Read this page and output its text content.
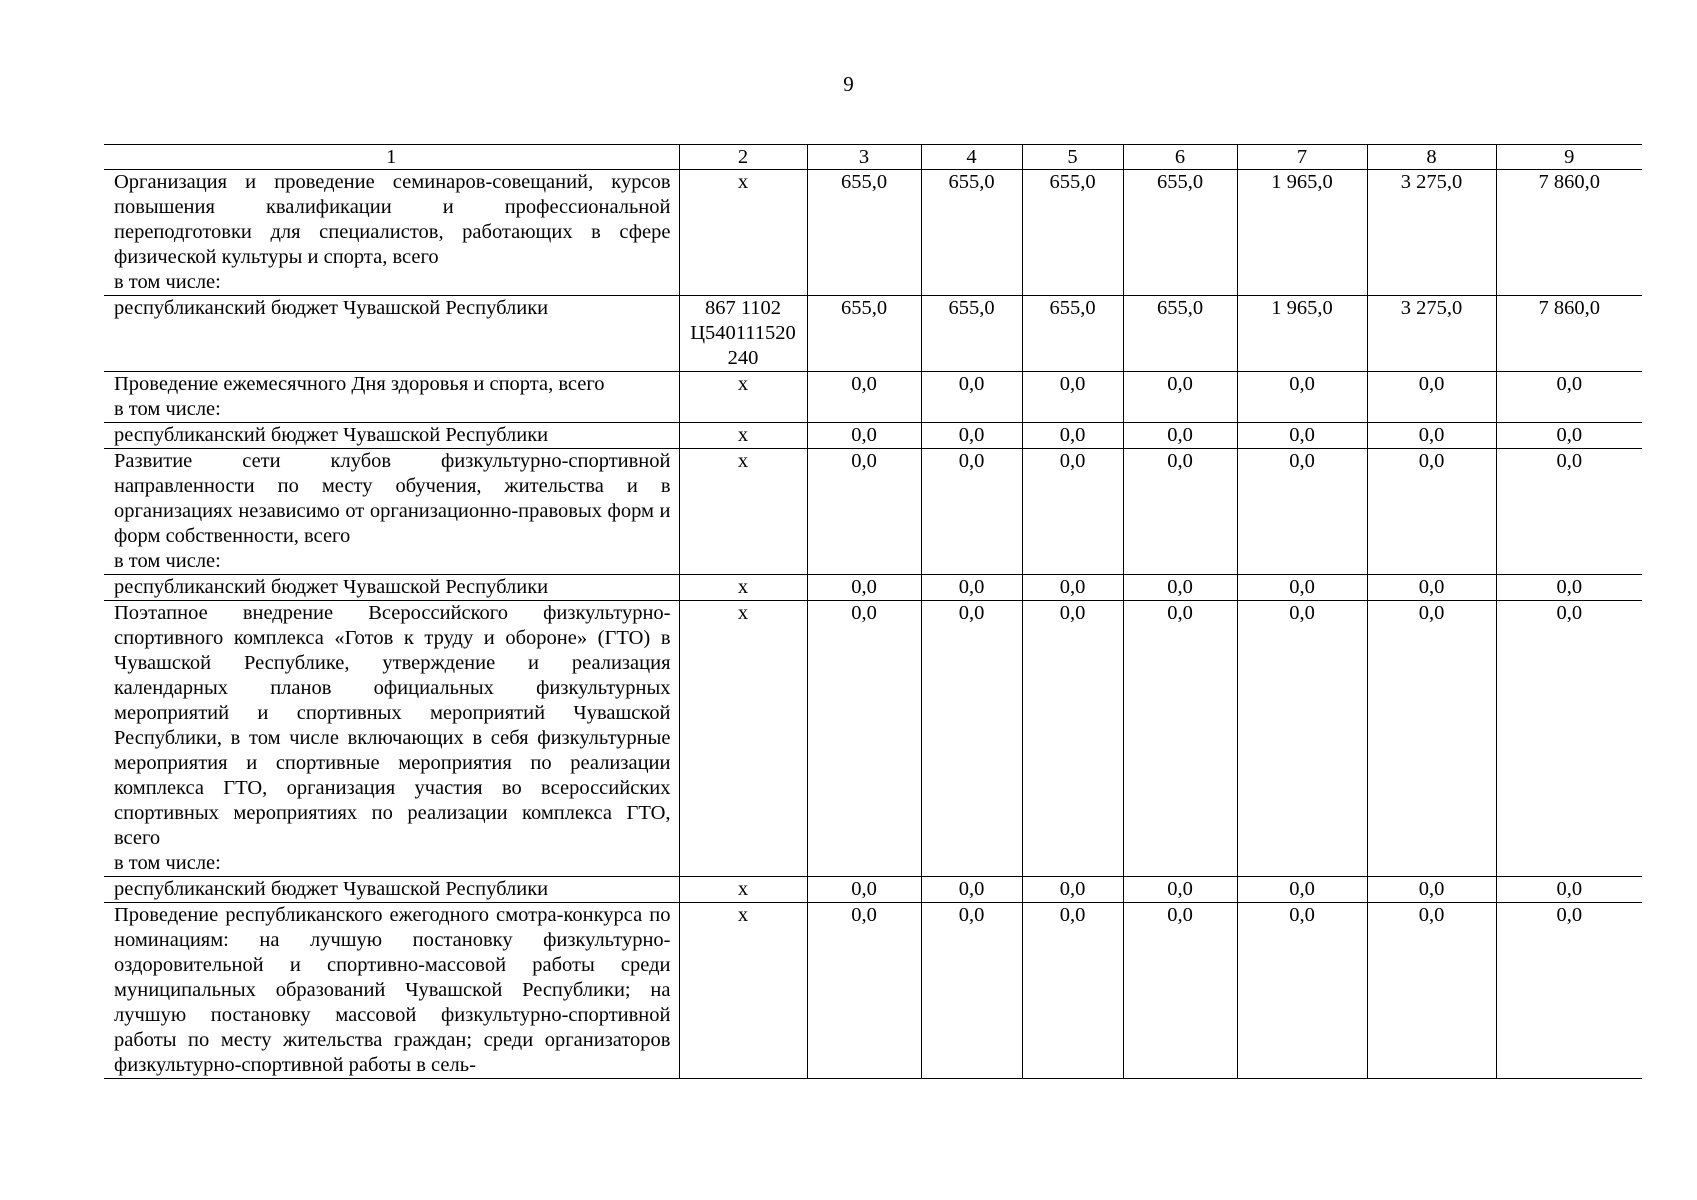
9
1	2	3	4	5	6	7	8	9

Организация и проведение семинаров-совещаний, курсов повышения квалификации и профессиональной переподготовки для специалистов, работающих в сфере физической культуры и спорта, всего
в том числе:	x	655,0	655,0	655,0	655,0	1 965,0	3 275,0	7 860,0

республиканский бюджет Чувашской Республики	867 1102 Ц540111520 240	655,0	655,0	655,0	655,0	1 965,0	3 275,0	7 860,0

Проведение ежемесячного Дня здоровья и спорта, всего
в том числе:	x	0,0	0,0	0,0	0,0	0,0	0,0	0,0

республиканский бюджет Чувашской Республики	x	0,0	0,0	0,0	0,0	0,0	0,0	0,0

Развитие сети клубов физкультурно-спортивной направленности по месту обучения, жительства и в организациях независимо от организационно-правовых форм и форм собственности, всего
в том числе:	x	0,0	0,0	0,0	0,0	0,0	0,0	0,0

республиканский бюджет Чувашской Республики	x	0,0	0,0	0,0	0,0	0,0	0,0	0,0

Поэтапное внедрение Всероссийского физкультурно-спортивного комплекса «Готов к труду и обороне» (ГТО) в Чувашской Республике, утверждение и реализация календарных планов официальных физкультурных мероприятий и спортивных мероприятий Чувашской Республики, в том числе включающих в себя физкультурные мероприятия и спортивные мероприятия по реализации комплекса ГТО, организация участия во всероссийских спортивных мероприятиях по реализации комплекса ГТО, всего
в том числе:	x	0,0	0,0	0,0	0,0	0,0	0,0	0,0

республиканский бюджет Чувашской Республики	x	0,0	0,0	0,0	0,0	0,0	0,0	0,0

Проведение республиканского ежегодного смотра-конкурса по номинациям: на лучшую постановку физкультурно-оздоровительной и спортивно-массовой работы среди муниципальных образований Чувашской Республики; на лучшую постановку массовой физкультурно-спортивной работы по месту жительства граждан; среди организаторов физкультурно-спортивной работы в сель-	x	0,0	0,0	0,0	0,0	0,0	0,0	0,0
